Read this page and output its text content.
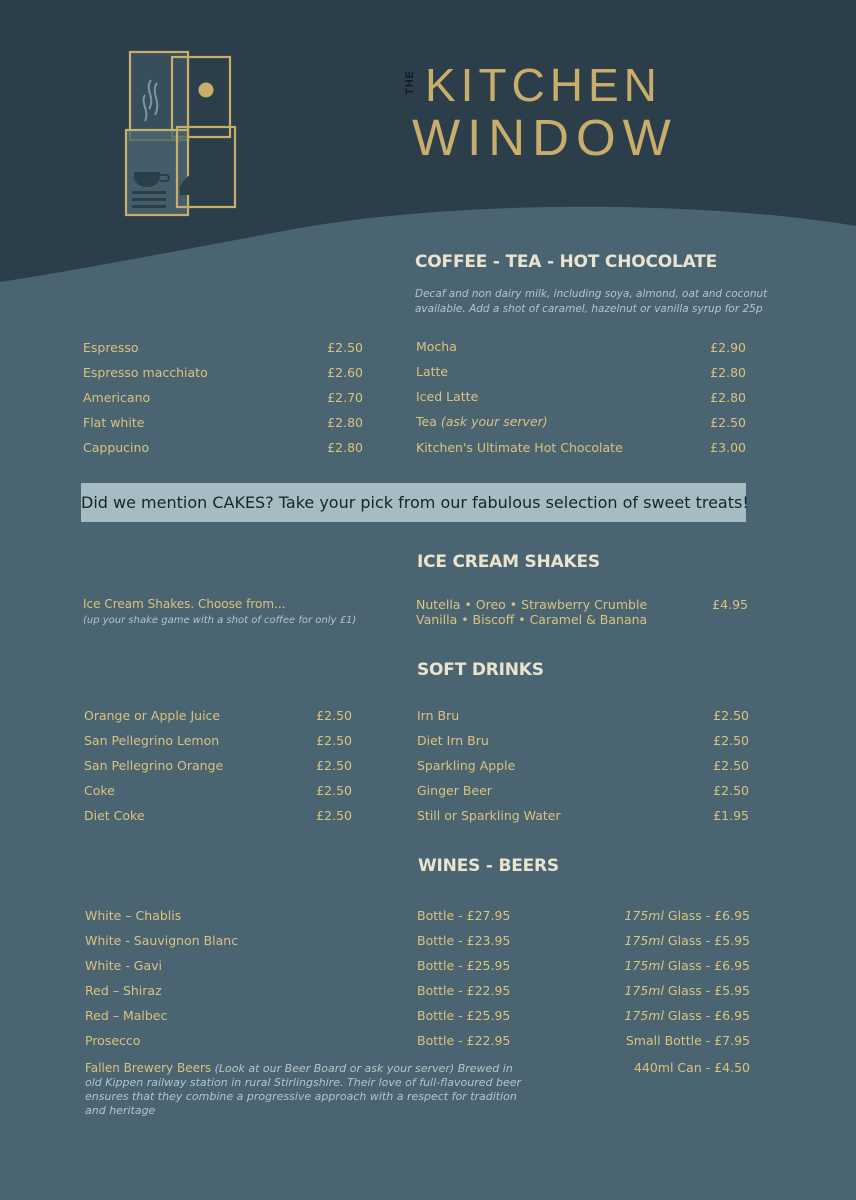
THE KITCHEN
WINDOW
COFFEE - TEA - HOT CHOCOLATE
Decaf and non dairy milk, including soya, almond, oat and coconut
available. Add a shot of caramel, hazelnut or vanilla syrup for 25p
Espresso	£2.50
Espresso macchiato	£2.60
Americano	£2.70
Flat white	£2.80
Cappucino	£2.80
Mocha	£2.90
Latte	£2.80
Iced Latte	£2.80
Tea (ask your server)	£2.50
Kitchen's Ultimate Hot Chocolate	£3.00
Did we mention CAKES? Take your pick from our fabulous selection of sweet treats!
ICE CREAM SHAKES
Ice Cream Shakes. Choose from...
(up your shake game with a shot of coffee for only £1)
Nutella • Oreo • Strawberry Crumble
Vanilla • Biscoff • Caramel & Banana
£4.95
SOFT DRINKS
Orange or Apple Juice	£2.50
San Pellegrino Lemon	£2.50
San Pellegrino Orange	£2.50
Coke	£2.50
Diet Coke	£2.50
Irn Bru	£2.50
Diet Irn Bru	£2.50
Sparkling Apple	£2.50
Ginger Beer	£2.50
Still or Sparkling Water	£1.95
WINES - BEERS
White – Chablis	Bottle - £27.95	175ml Glass - £6.95
White - Sauvignon Blanc	Bottle - £23.95	175ml Glass - £5.95
White - Gavi	Bottle - £25.95	175ml Glass - £6.95
Red – Shiraz	Bottle - £22.95	175ml Glass - £5.95
Red – Malbec	Bottle - £25.95	175ml Glass - £6.95
Prosecco	Bottle - £22.95	Small Bottle - £7.95
Fallen Brewery Beers (Look at our Beer Board or ask your server) Brewed in old Kippen railway station in rural Stirlingshire. Their love of full-flavoured beer ensures that they combine a progressive approach with a respect for tradition and heritage
440ml Can - £4.50
